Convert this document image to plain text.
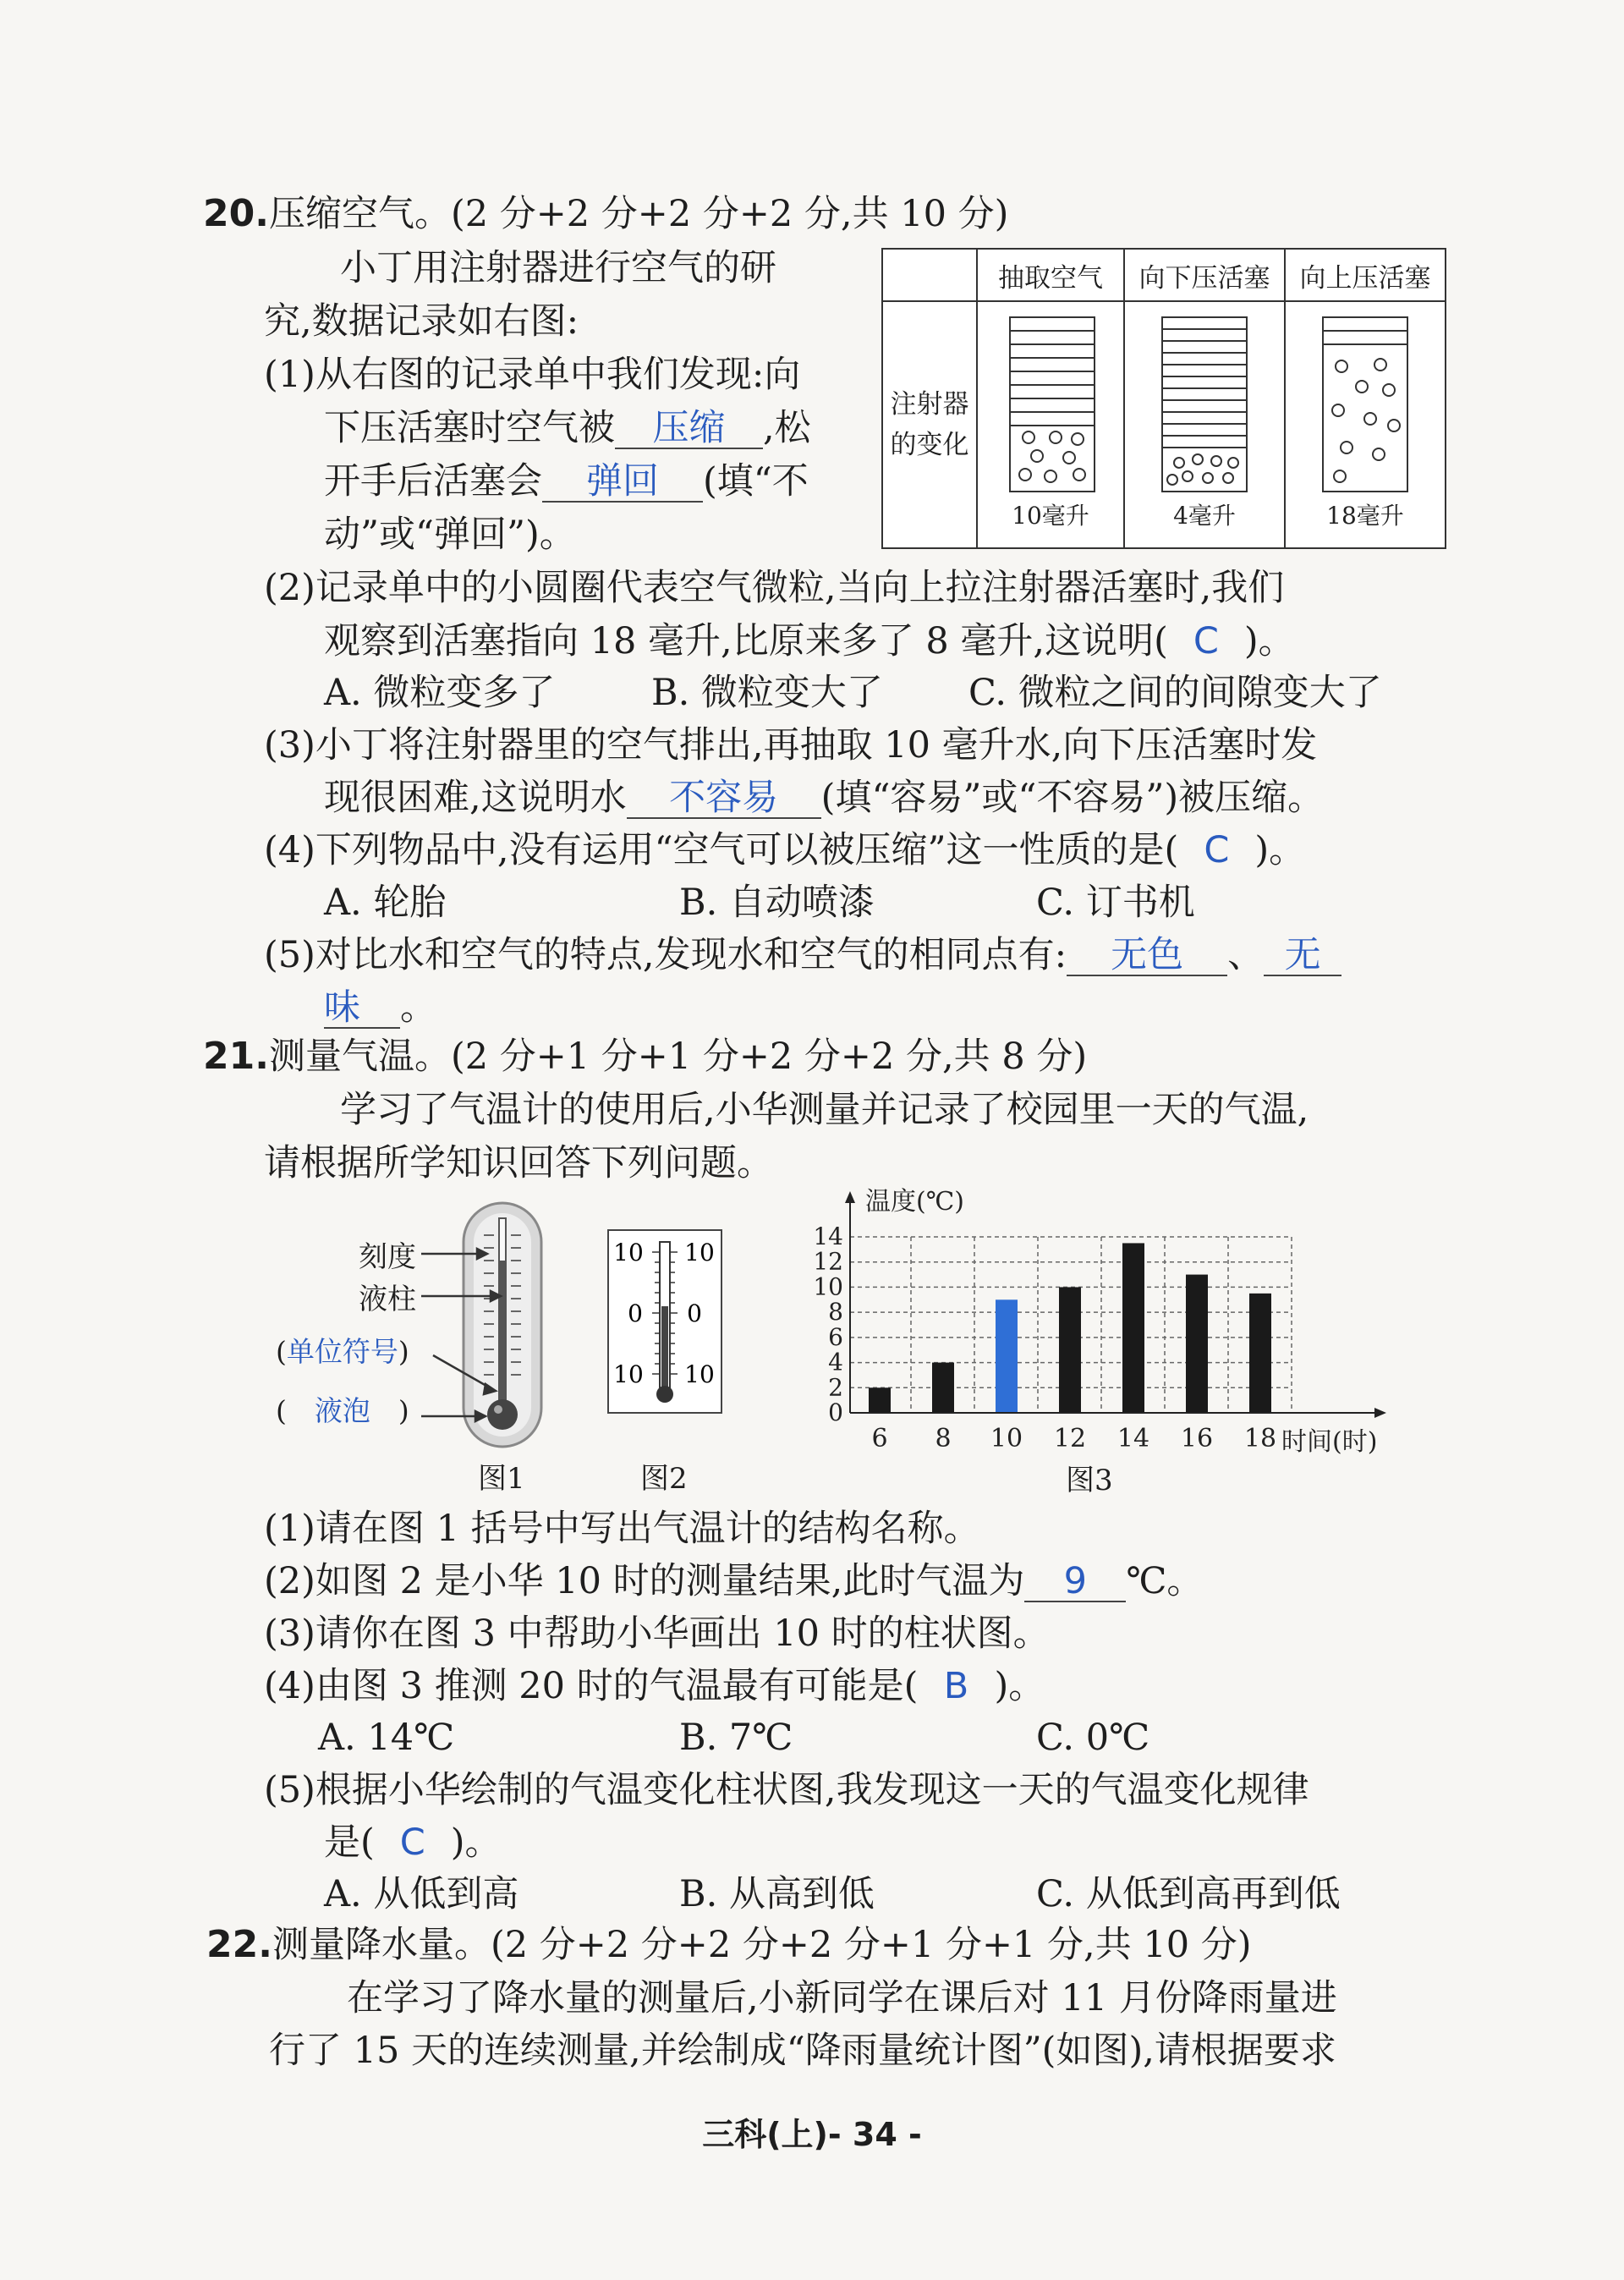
20.压缩空气。(2 分+2 分+2 分+2 分,共 10 分)
小丁用注射器进行空气的研
究,数据记录如右图:
(1)从右图的记录单中我们发现:向
下压活塞时空气被 压缩 ,松
开手后活塞会 弹回 (填“不
动”或“弹回”)。
	抽取空气	向下压活塞	向上压活塞

注射器
的变化	10毫升	4毫升	18毫升
(2)记录单中的小圆圈代表空气微粒,当向上拉注射器活塞时,我们
观察到活塞指向 18 毫升,比原来多了 8 毫升,这说明( C )。
A. 微粒变多了	B. 微粒变大了 C. 微粒之间的间隙变大了
(3)小丁将注射器里的空气排出,再抽取 10 毫升水,向下压活塞时发
现很困难,这说明水 不容易 (填“容易”或“不容易”)被压缩。
(4)下列物品中,没有运用“空气可以被压缩”这一性质的是( C )。
A. 轮胎	B. 自动喷漆	C. 订书机
(5)对比水和空气的特点,发现水和空气的相同点有: 无色 、 无
味 。
21.测量气温。(2 分+1 分+1 分+2 分+2 分,共 8 分)
学习了气温计的使用后,小华测量并记录了校园里一天的气温,
请根据所学知识回答下列问题。
刻度
液柱
(单位符号)
( 液泡 )
图1
10 10
0 0
10 10
图2
0
2
4
6
8
10
12
14
6 8 10 12 14 16 18
温度(℃)
时间(时)
图3
(1)请在图 1 括号中写出气温计的结构名称。
(2)如图 2 是小华 10 时的测量结果,此时气温为 9 ℃。
(3)请你在图 3 中帮助小华画出 10 时的柱状图。
(4)由图 3 推测 20 时的气温最有可能是( B )。
A. 14℃	B. 7℃	C. 0℃
(5)根据小华绘制的气温变化柱状图,我发现这一天的气温变化规律
是( C )。
A. 从低到高	B. 从高到低	C. 从低到高再到低
22.测量降水量。(2 分+2 分+2 分+2 分+1 分+1 分,共 10 分)
在学习了降水量的测量后,小新同学在课后对 11 月份降雨量进
行了 15 天的连续测量,并绘制成“降雨量统计图”(如图),请根据要求
三科(上)- 34 -
